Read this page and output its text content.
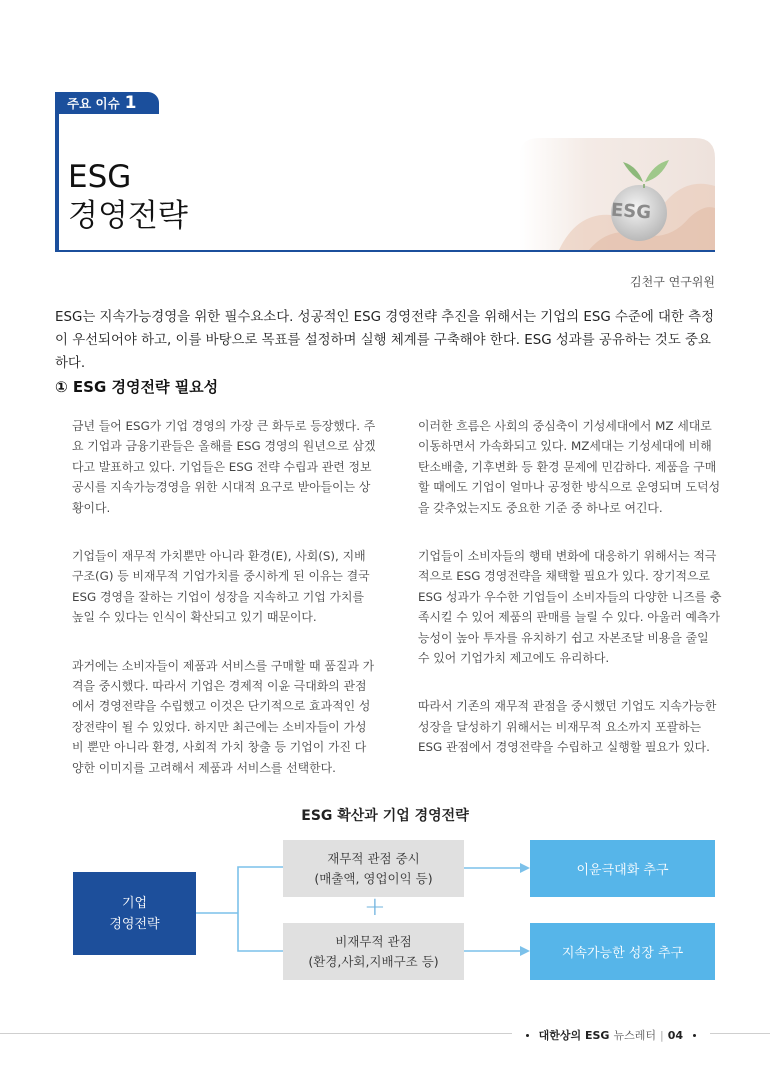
주요 이슈 1
ESG
경영전략	ESG
김천구 연구위원
ESG는 지속가능경영을 위한 필수요소다. 성공적인 ESG 경영전략 추진을 위해서는 기업의 ESG 수준에 대한 측정이 우선되어야 하고, 이를 바탕으로 목표를 설정하며 실행 체계를 구축해야 한다. ESG 성과를 공유하는 것도 중요하다.
① ESG 경영전략 필요성

금년 들어 ESG가 기업 경영의 가장 큰 화두로 등장했다. 주요 기업과 금융기관들은 올해를 ESG 경영의 원년으로 삼겠다고 발표하고 있다. 기업들은 ESG 전략 수립과 관련 정보공시를 지속가능경영을 위한 시대적 요구로 받아들이는 상황이다.

기업들이 재무적 가치뿐만 아니라 환경(E), 사회(S), 지배구조(G) 등 비재무적 기업가치를 중시하게 된 이유는 결국 ESG 경영을 잘하는 기업이 성장을 지속하고 기업 가치를 높일 수 있다는 인식이 확산되고 있기 때문이다.

과거에는 소비자들이 제품과 서비스를 구매할 때 품질과 가격을 중시했다. 따라서 기업은 경제적 이윤 극대화의 관점에서 경영전략을 수립했고 이것은 단기적으로 효과적인 성장전략이 될 수 있었다. 하지만 최근에는 소비자들이 가성비 뿐만 아니라 환경, 사회적 가치 창출 등 기업이 가진 다양한 이미지를 고려해서 제품과 서비스를 선택한다.

이러한 흐름은 사회의 중심축이 기성세대에서 MZ 세대로 이동하면서 가속화되고 있다. MZ세대는 기성세대에 비해 탄소배출, 기후변화 등 환경 문제에 민감하다. 제품을 구매할 때에도 기업이 얼마나 공정한 방식으로 운영되며 도덕성을 갖추었는지도 중요한 기준 중 하나로 여긴다.

기업들이 소비자들의 행태 변화에 대응하기 위해서는 적극적으로 ESG 경영전략을 채택할 필요가 있다. 장기적으로 ESG 성과가 우수한 기업들이 소비자들의 다양한 니즈를 충족시킬 수 있어 제품의 판매를 늘릴 수 있다. 아울러 예측가능성이 높아 투자를 유치하기 쉽고 자본조달 비용을 줄일 수 있어 기업가치 제고에도 유리하다.

따라서 기존의 재무적 관점을 중시했던 기업도 지속가능한 성장을 달성하기 위해서는 비재무적 요소까지 포괄하는 ESG 관점에서 경영전략을 수립하고 실행할 필요가 있다.

ESG 확산과 기업 경영전략
기업
경영전략
재무적 관점 중시
(매출액, 영업이익 등)
+
비재무적 관점
(환경,사회,지배구조 등)
이윤극대화 추구
지속가능한 성장 추구
대한상의 ESG 뉴스레터 | 04
